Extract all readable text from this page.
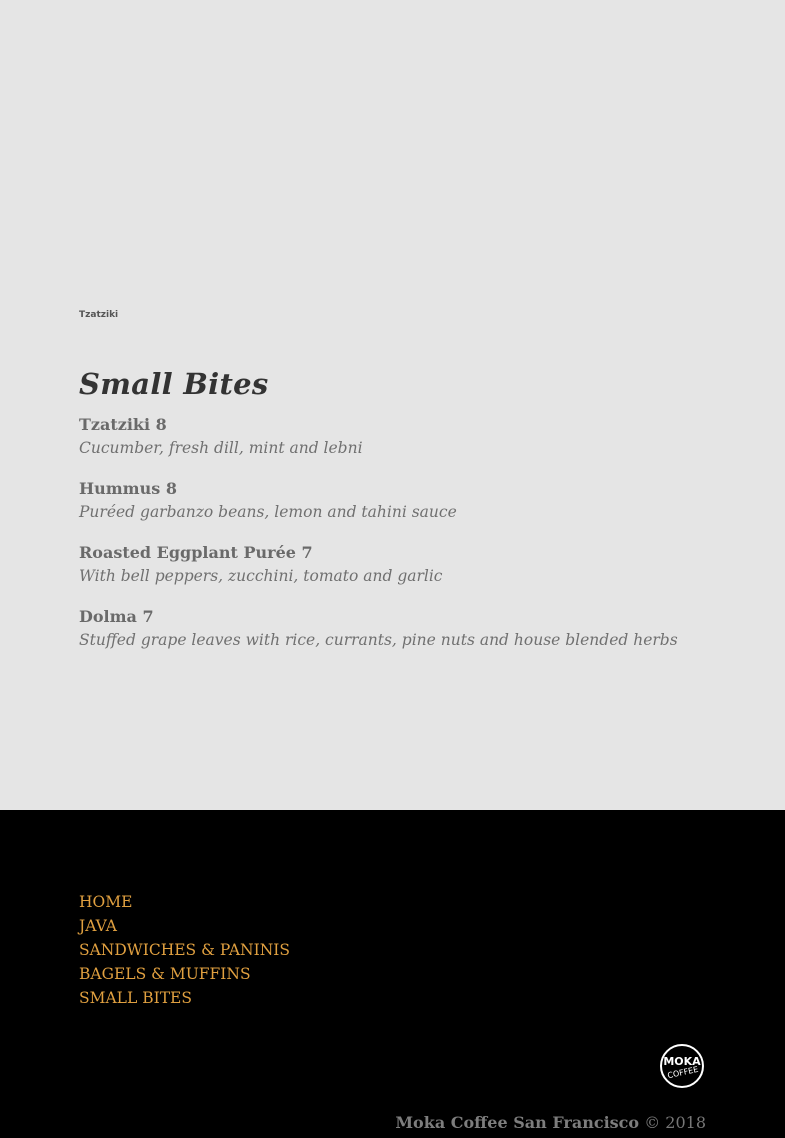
Tzatziki
Small Bites
Tzatziki 8
Cucumber, fresh dill, mint and lebni
Hummus 8
Puréed garbanzo beans, lemon and tahini sauce
Roasted Eggplant Purée 7
With bell peppers, zucchini, tomato and garlic
Dolma 7
Stuffed grape leaves with rice, currants, pine nuts and house blended herbs
HOME
JAVA
SANDWICHES & PANINIS
BAGELS & MUFFINS
SMALL BITES
MOKA
COFFEE
Moka Coffee San Francisco © 2018
